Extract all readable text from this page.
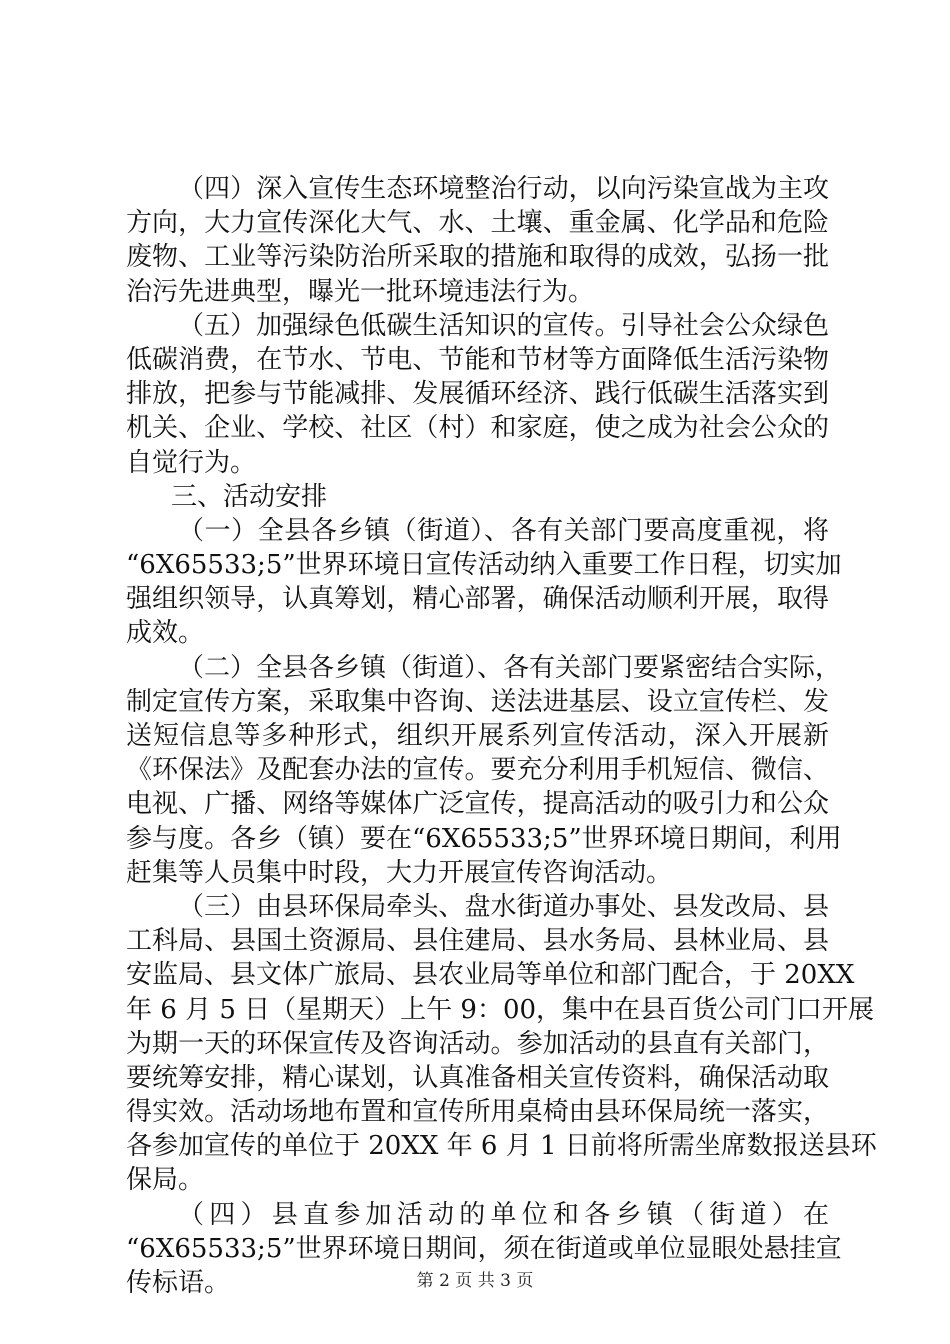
（四）深入宣传生态环境整治行动，以向污染宣战为主攻
方向，大力宣传深化大气、水、土壤、重金属、化学品和危险
废物、工业等污染防治所采取的措施和取得的成效，弘扬一批
治污先进典型，曝光一批环境违法行为。
（五）加强绿色低碳生活知识的宣传。引导社会公众绿色
低碳消费，在节水、节电、节能和节材等方面降低生活污染物
排放，把参与节能减排、发展循环经济、践行低碳生活落实到
机关、企业、学校、社区（村）和家庭，使之成为社会公众的
自觉行为。
三、活动安排
（一）全县各乡镇（街道）、各有关部门要高度重视，将
“6X65533;5”世界环境日宣传活动纳入重要工作日程，切实加
强组织领导，认真筹划，精心部署，确保活动顺利开展，取得
成效。
（二）全县各乡镇（街道）、各有关部门要紧密结合实际，
制定宣传方案，采取集中咨询、送法进基层、设立宣传栏、发
送短信息等多种形式，组织开展系列宣传活动，深入开展新
《环保法》及配套办法的宣传。要充分利用手机短信、微信、
电视、广播、网络等媒体广泛宣传，提高活动的吸引力和公众
参与度。各乡（镇）要在“6X65533;5”世界环境日期间，利用
赶集等人员集中时段，大力开展宣传咨询活动。
（三）由县环保局牵头、盘水街道办事处、县发改局、县
工科局、县国土资源局、县住建局、县水务局、县林业局、县
安监局、县文体广旅局、县农业局等单位和部门配合，于 20XX
年 6 月 5 日（星期天）上午 9：00，集中在县百货公司门口开展
为期一天的环保宣传及咨询活动。参加活动的县直有关部门，
要统筹安排，精心谋划，认真准备相关宣传资料，确保活动取
得实效。活动场地布置和宣传所用桌椅由县环保局统一落实，
各参加宣传的单位于 20XX 年 6 月 1 日前将所需坐席数报送县环
保局。
（四）县直参加活动的单位和各乡镇（街道）在
“6X65533;5”世界环境日期间，须在街道或单位显眼处悬挂宣
传标语。	第 2 页 共 3 页
